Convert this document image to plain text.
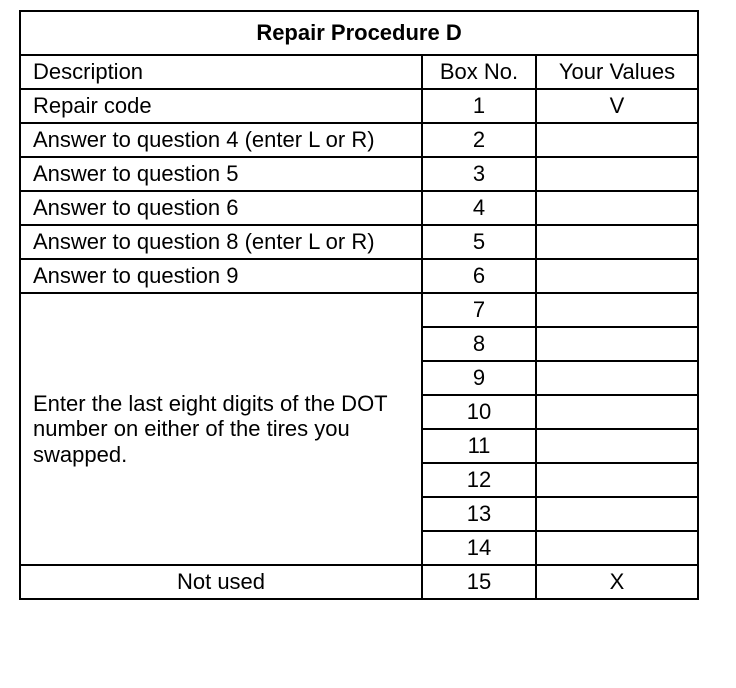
Repair Procedure D		
Description	Box No.	Your Values
Repair code	1	V
Answer to question 4 (enter L or R)	2	
Answer to question 5	3	
Answer to question 6	4	
Answer to question 8 (enter L or R)	5	
Answer to question 9	6	
Enter the last eight digits of the DOT number on either of the tires you swapped.	7	
	8	
	9	
	10	
	11	
	12	
	13	
	14	
Not used	15	X
